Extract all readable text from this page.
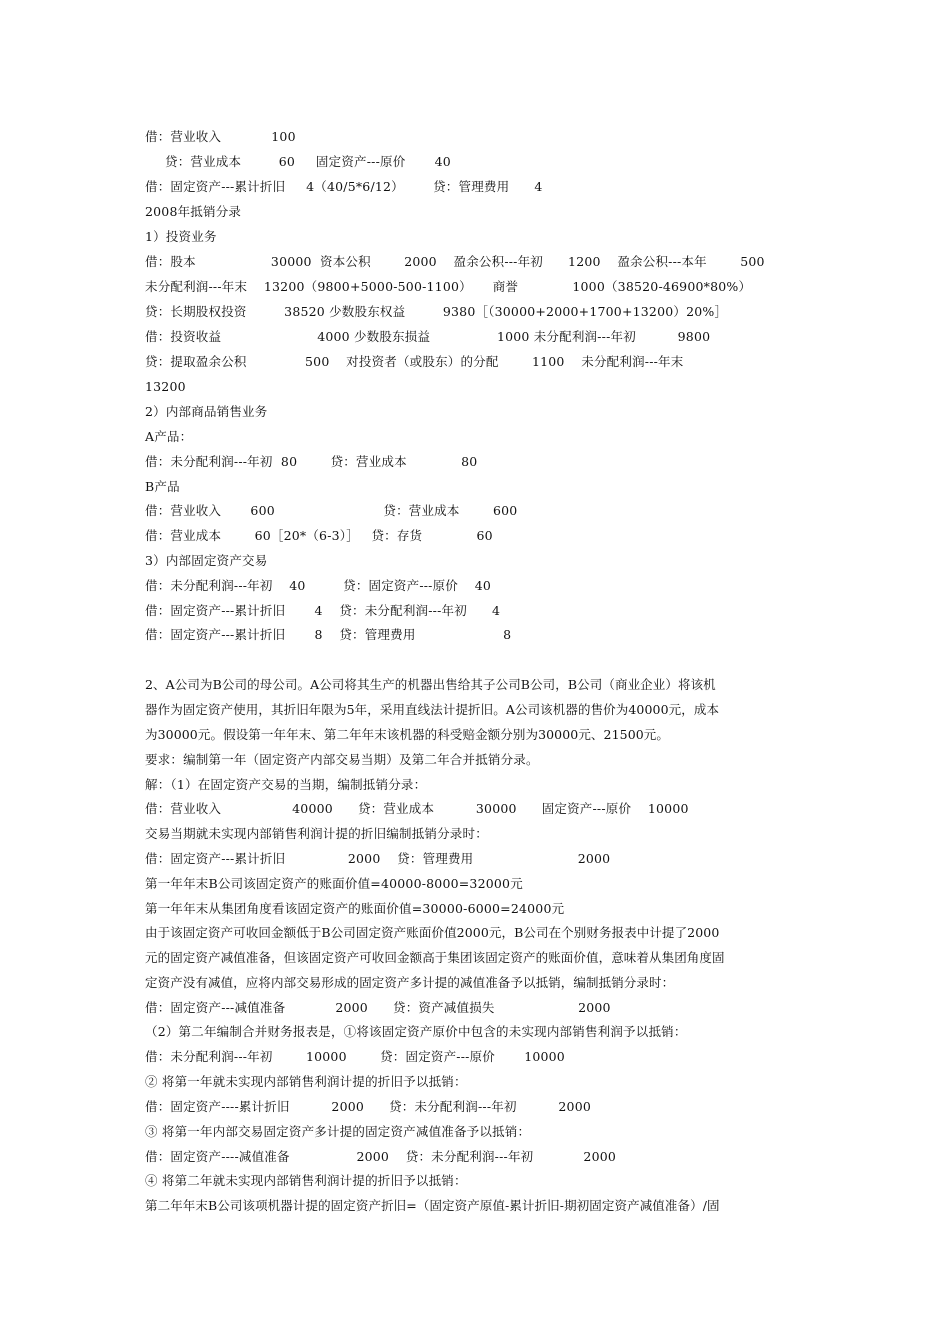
借：营业收入            100

贷：营业成本         60     固定资产---原价       40

借：固定资产---累计折旧     4（40/5*6/12）       贷：管理费用      4

2008年抵销分录

1）投资业务

借：股本                  30000  资本公积        2000    盈余公积---年初      1200    盈余公积---本年        500

未分配利润---年末    13200（9800+5000-500-1100）     商誉             1000（38520-46900*80%）

贷：长期股权投资         38520 少数股东权益         9380［（30000+2000+1700+13200）20%］

借：投资收益                       4000 少数股东损益                1000 未分配利润---年初          9800

贷：提取盈余公积              500    对投资者（或股东）的分配        1100    未分配利润---年末

13200

2）内部商品销售业务

A产品：

借：未分配利润---年初  80        贷：营业成本             80

B产品

借：营业收入       600                          贷：营业成本        600

借：营业成本        60［20*（6-3）］   贷：存货             60

3）内部固定资产交易

借：未分配利润---年初    40         贷：固定资产---原价    40

借：固定资产---累计折旧       4    贷：未分配利润---年初      4

借：固定资产---累计折旧       8    贷：管理费用                     8

2、A公司为B公司的母公司。A公司将其生产的机器出售给其子公司B公司，B公司（商业企业）将该机

器作为固定资产使用，其折旧年限为5年，采用直线法计提折旧。A公司该机器的售价为40000元，成本

为30000元。假设第一年年末、第二年年末该机器的科受赔金额分别为30000元、21500元。

要求：编制第一年（固定资产内部交易当期）及第二年合并抵销分录。

解：（1）在固定资产交易的当期，编制抵销分录：

借：营业收入                 40000      贷：营业成本          30000      固定资产---原价    10000

交易当期就未实现内部销售利润计提的折旧编制抵销分录时：

借：固定资产---累计折旧               2000    贷：管理费用                         2000

第一年年末B公司该固定资产的账面价值=40000-8000=32000元

第一年年末从集团角度看该固定资产的账面价值=30000-6000=24000元

由于该固定资产可收回金额低于B公司固定资产账面价值2000元，B公司在个别财务报表中计提了2000

元的固定资产减值准备，但该固定资产可收回金额高于集团该固定资产的账面价值，意味着从集团角度固

定资产没有减值，应将内部交易形成的固定资产多计提的减值准备予以抵销，编制抵销分录时：

借：固定资产---减值准备            2000      贷：资产减值损失                    2000

（2）第二年编制合并财务报表是，①将该固定资产原价中包含的未实现内部销售利润予以抵销：

借：未分配利润---年初        10000        贷：固定资产---原价       10000

② 将第一年就未实现内部销售利润计提的折旧予以抵销：

借：固定资产----累计折旧          2000      贷：未分配利润---年初          2000

③ 将第一年内部交易固定资产多计提的固定资产减值准备予以抵销：

借：固定资产----减值准备                2000    贷：未分配利润---年初            2000

④ 将第二年就未实现内部销售利润计提的折旧予以抵销：

第二年年末B公司该项机器计提的固定资产折旧=（固定资产原值-累计折旧-期初固定资产减值准备）/固
